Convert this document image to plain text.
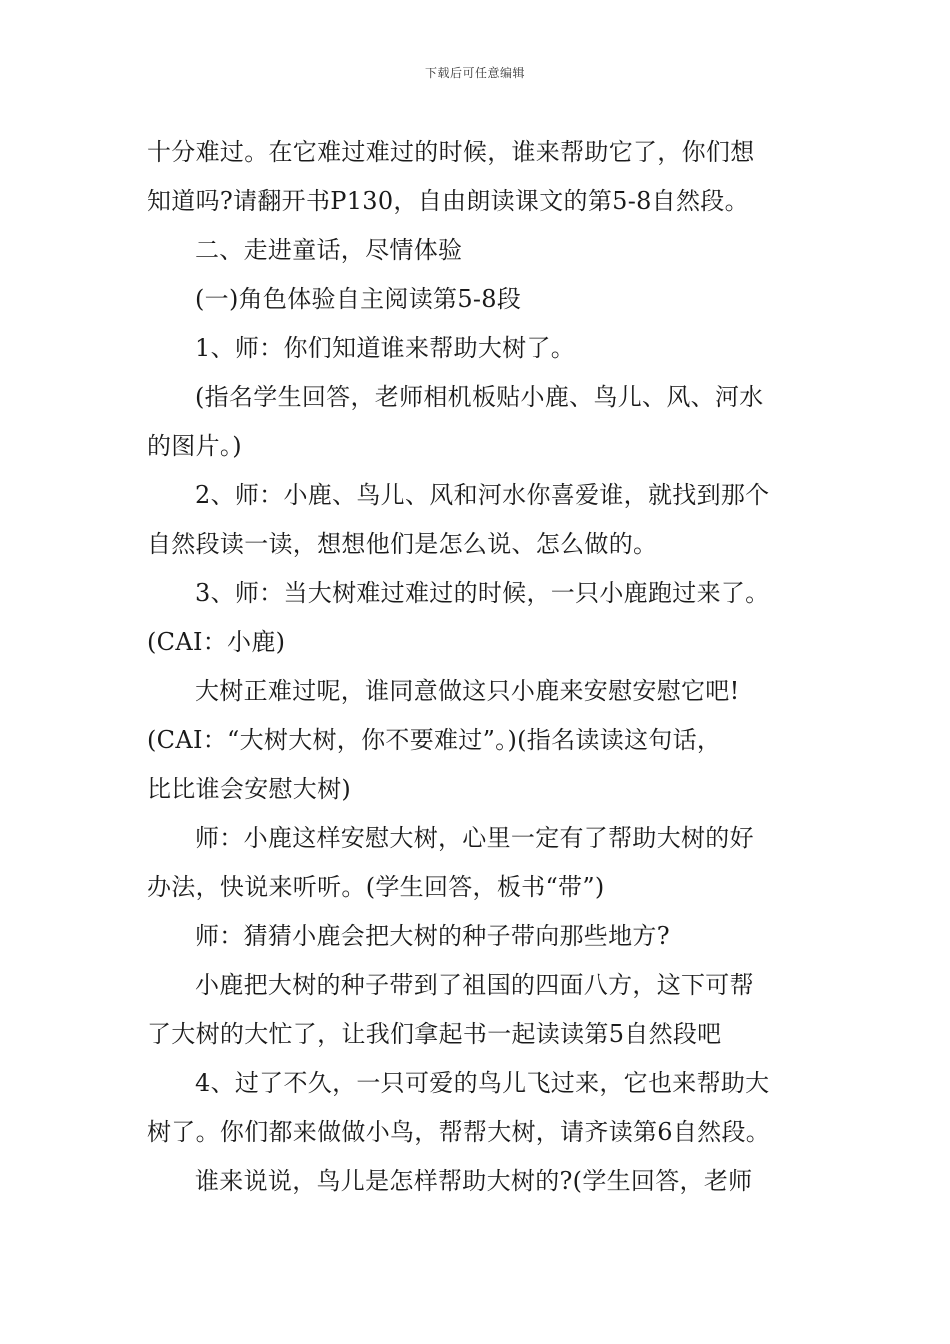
下载后可任意编辑
十分难过。在它难过难过的时候，谁来帮助它了，你们想
知道吗?请翻开书P130，自由朗读课文的第5-8自然段。
二、走进童话，尽情体验
(一)角色体验自主阅读第5-8段
1、师：你们知道谁来帮助大树了。
(指名学生回答，老师相机板贴小鹿、鸟儿、风、河水
的图片。)
2、师：小鹿、鸟儿、风和河水你喜爱谁，就找到那个
自然段读一读，想想他们是怎么说、怎么做的。
3、师：当大树难过难过的时候，一只小鹿跑过来了。
(CAI：小鹿)
大树正难过呢，谁同意做这只小鹿来安慰安慰它吧!
(CAI：“大树大树，你不要难过”。)(指名读读这句话，
比比谁会安慰大树)
师：小鹿这样安慰大树，心里一定有了帮助大树的好
办法，快说来听听。(学生回答，板书“带”)
师：猜猜小鹿会把大树的种子带向那些地方?
小鹿把大树的种子带到了祖国的四面八方，这下可帮
了大树的大忙了，让我们拿起书一起读读第5自然段吧
4、过了不久，一只可爱的鸟儿飞过来，它也来帮助大
树了。你们都来做做小鸟，帮帮大树，请齐读第6自然段。
谁来说说，鸟儿是怎样帮助大树的?(学生回答，老师
